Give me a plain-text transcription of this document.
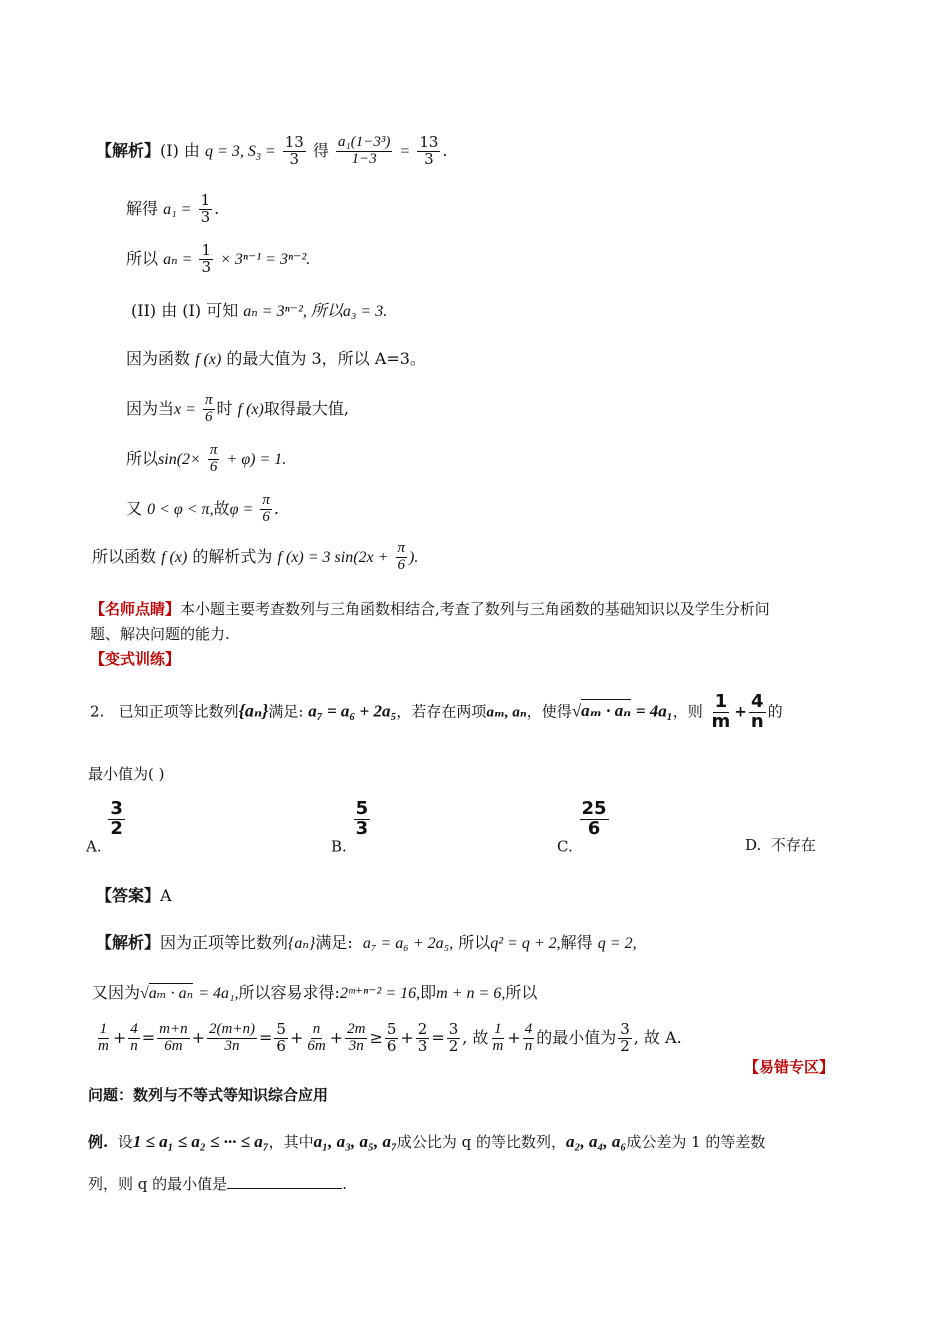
【解析】(I) 由 q = 3, $S_3 = \frac{13}{3}$ 得 $\frac{\text{a₁(1−3³)}}{1-3} = \frac{13}{3}$ .
解得 $a_1 = \frac{1}{3}$ .
所以 $a_n = \frac{1}{3} \times 3^{n-1} = 3^{n-2}$.
(II) 由 (I) 可知 aₙ = 3ⁿ⁻², 所以a₃ = 3.
因为函数 f (x) 的最大值为 3，所以 A=3。
因为当$x = \frac{\pi}{6}$ 时 f (x)取得最大值,
所以$\sin(2\times \frac{\pi}{6} + \varphi) = 1$.
又 0 < φ < π,故$\varphi = \frac{\pi}{6}$ .
所以函数 f (x) 的解析式为 f (x) = 3 $\sin(2x + \frac{\pi}{6}$ ).
【名师点睛】本小题主要考查数列与三角函数相结合,考查了数列与三角函数的基础知识以及学生分析问
题、解决问题的能力.
【变式训练】
2. 已知正项等比数列{aₙ}满足: a₇ = a₆ + 2a₅，若存在两项aₘ, aₙ，使得√aₘ · aₙ = 4a₁，则 $\frac{1}{m} + \frac{4}{n}$ 的
最小值为( )
A.
$\frac{3}{2}$
B.
$\frac{5}{3}$
C.
$\frac{25}{6}$
D. 不存在
【答案】A
【解析】因为正项等比数列{aₙ}满足: a₇ = a₆ + 2a₅, 所以q² = q + 2,解得 q = 2,
又因为√aₘ · aₙ = 4a₁,所以容易求得:2ᵐ⁺ⁿ⁻² = 16,即m + n = 6,所以
$\frac{1}{m} + \frac{4}{n} = \frac{m+n}{6m} + \frac{2(m+n)}{3n} = \frac{5}{6} + \frac{n}{6m} + \frac{2m}{3n} \ge \frac{5}{6} + \frac{2}{3} = \frac{3}{2}$ , 故 $\frac{1}{m} + \frac{4}{n}$ 的最小值为 $\frac{3}{2}$ , 故 A.
【易错专区】
问题：数列与不等式等知识综合应用
例. 设1 ≤ a₁ ≤ a₂ ≤ ··· ≤ a₇，其中a₁, a₃, a₅, a₇成公比为 q 的等比数列，a₂, a₄, a₆成公差为 1 的等差数
列，则 q 的最小值是	.
